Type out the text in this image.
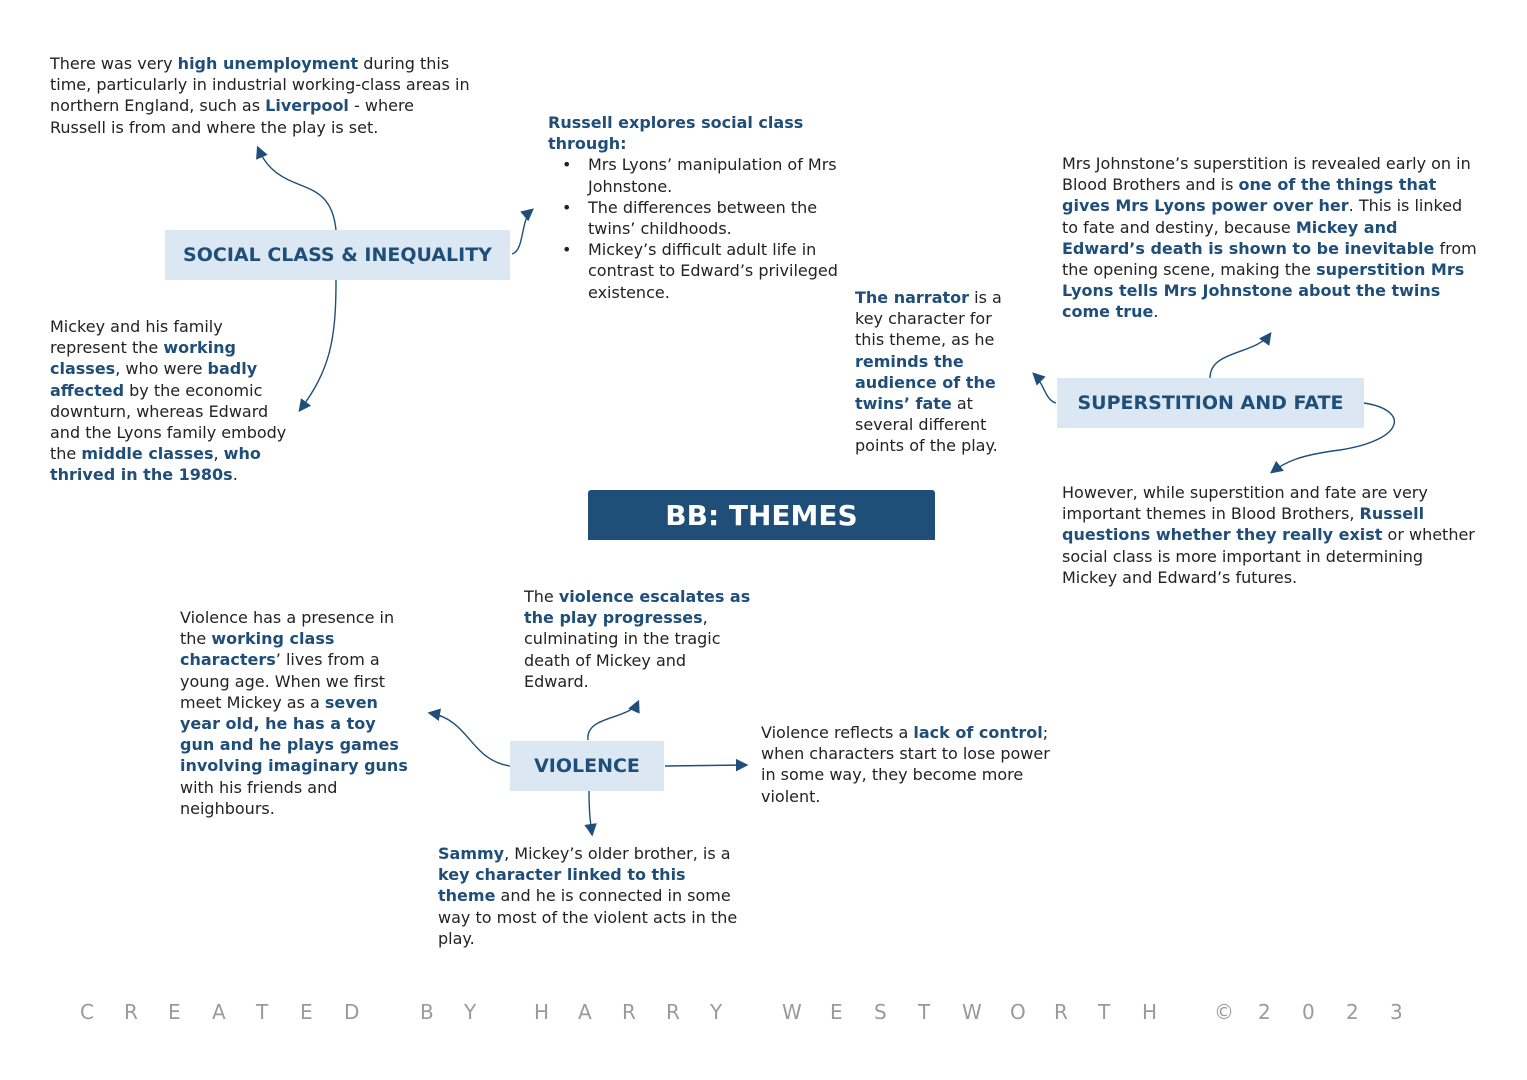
SOCIAL CLASS & INEQUALITY
SUPERSTITION AND FATE
VIOLENCE
BB: THEMES
There was very high unemployment during this time, particularly in industrial working-class areas in northern England, such as Liverpool - where Russell is from and where the play is set.	Russell explores social class through:
• Mrs Lyons’ manipulation of Mrs Johnstone.
• The differences between the twins’ childhoods.
• Mickey’s difficult adult life in contrast to Edward’s privileged existence.
Mickey and his family represent the working classes, who were badly affected by the economic downturn, whereas Edward and the Lyons family embody the middle classes, who thrived in the 1980s.
Mrs Johnstone’s superstition is revealed early on in Blood Brothers and is one of the things that gives Mrs Lyons power over her. This is linked to fate and destiny, because Mickey and Edward’s death is shown to be inevitable from the opening scene, making the superstition Mrs Lyons tells Mrs Johnstone about the twins come true.
The narrator is a key character for this theme, as he reminds the audience of the twins’ fate at several different points of the play.
However, while superstition and fate are very important themes in Blood Brothers, Russell questions whether they really exist or whether social class is more important in determining Mickey and Edward’s futures.
Violence has a presence in the working class characters’ lives from a young age. When we first meet Mickey as a seven year old, he has a toy gun and he plays games involving imaginary guns with his friends and neighbours.
The violence escalates as the play progresses, culminating in the tragic death of Mickey and Edward.
Violence reflects a lack of control; when characters start to lose power in some way, they become more violent.
Sammy, Mickey’s older brother, is a key character linked to this theme and he is connected in some way to most of the violent acts in the play.
C	R	E	A	T	E	D	B	Y	H	A	R	R	Y	W	E	S	T	W	O	R	T	H	©	2	0	2	3
